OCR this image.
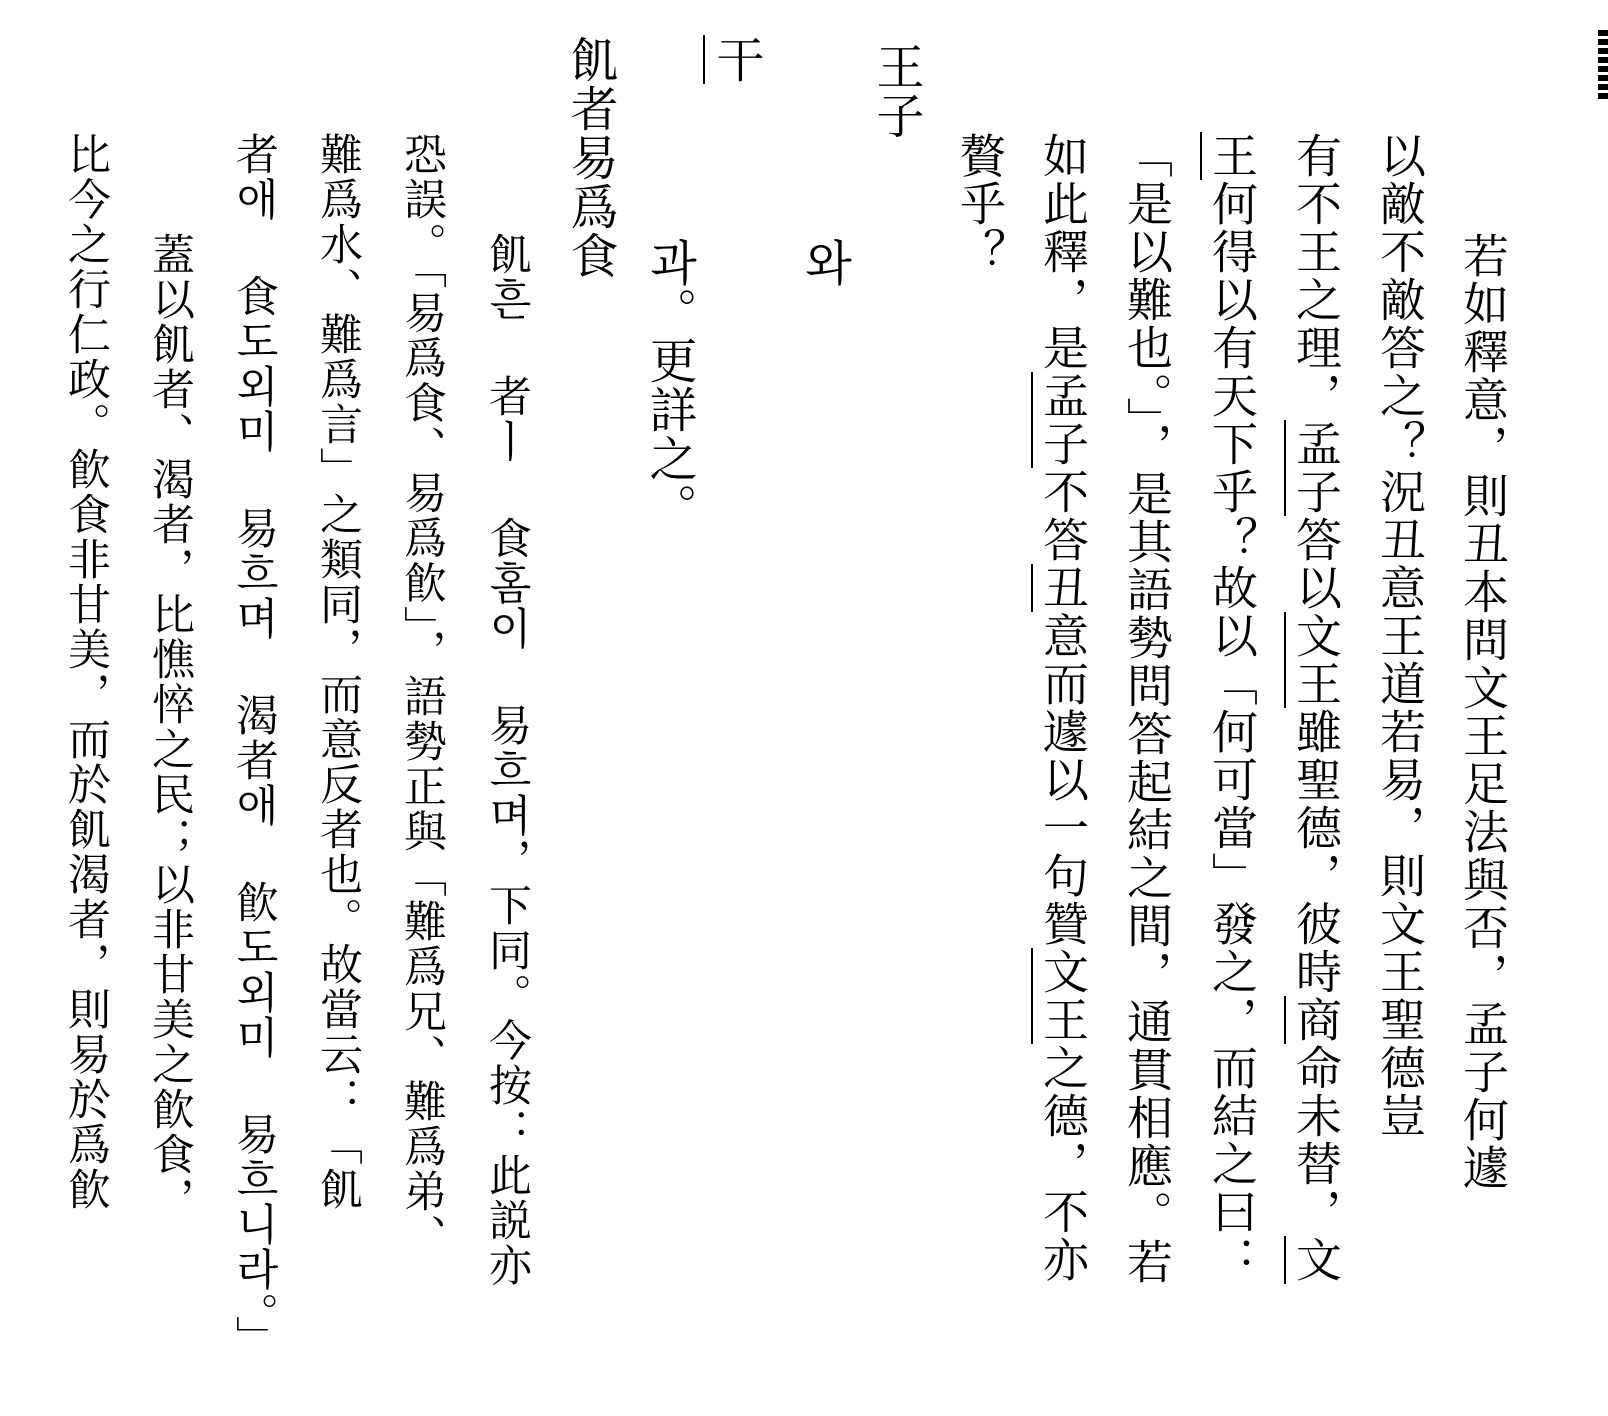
若如釋意，則丑本問文王足法與否，孟子何遽
以敵不敵答之？況丑意王道若易，則文王聖德豈
有不王之理，孟子答以文王雖聖德，彼時商命未替，文
王何得以有天下乎？故以「何可當」發之，而結之曰：
「是以難也。」，是其語勢問答起結之間，通貫相應。若
如此釋，是孟子不答丑意而遽以一句贊文王之德，不亦
贅乎？
王子
와
干
과。更詳之。
飢者易爲食
飢흔 者ㅣ 食홈이 易흐며，下同。今按：此説亦
恐誤。「易爲食、易爲飮」，語勢正與「難爲兄、難爲弟、
難爲水、難爲言」之類同，而意反者也。故當云：「飢
者애 食도외미 易흐며 渴者애 飮도외미 易흐니라。」
蓋以飢者、渴者，比憔悴之民；以非甘美之飮食，
比今之行仁政。飮食非甘美，而於飢渴者，則易於爲飮
